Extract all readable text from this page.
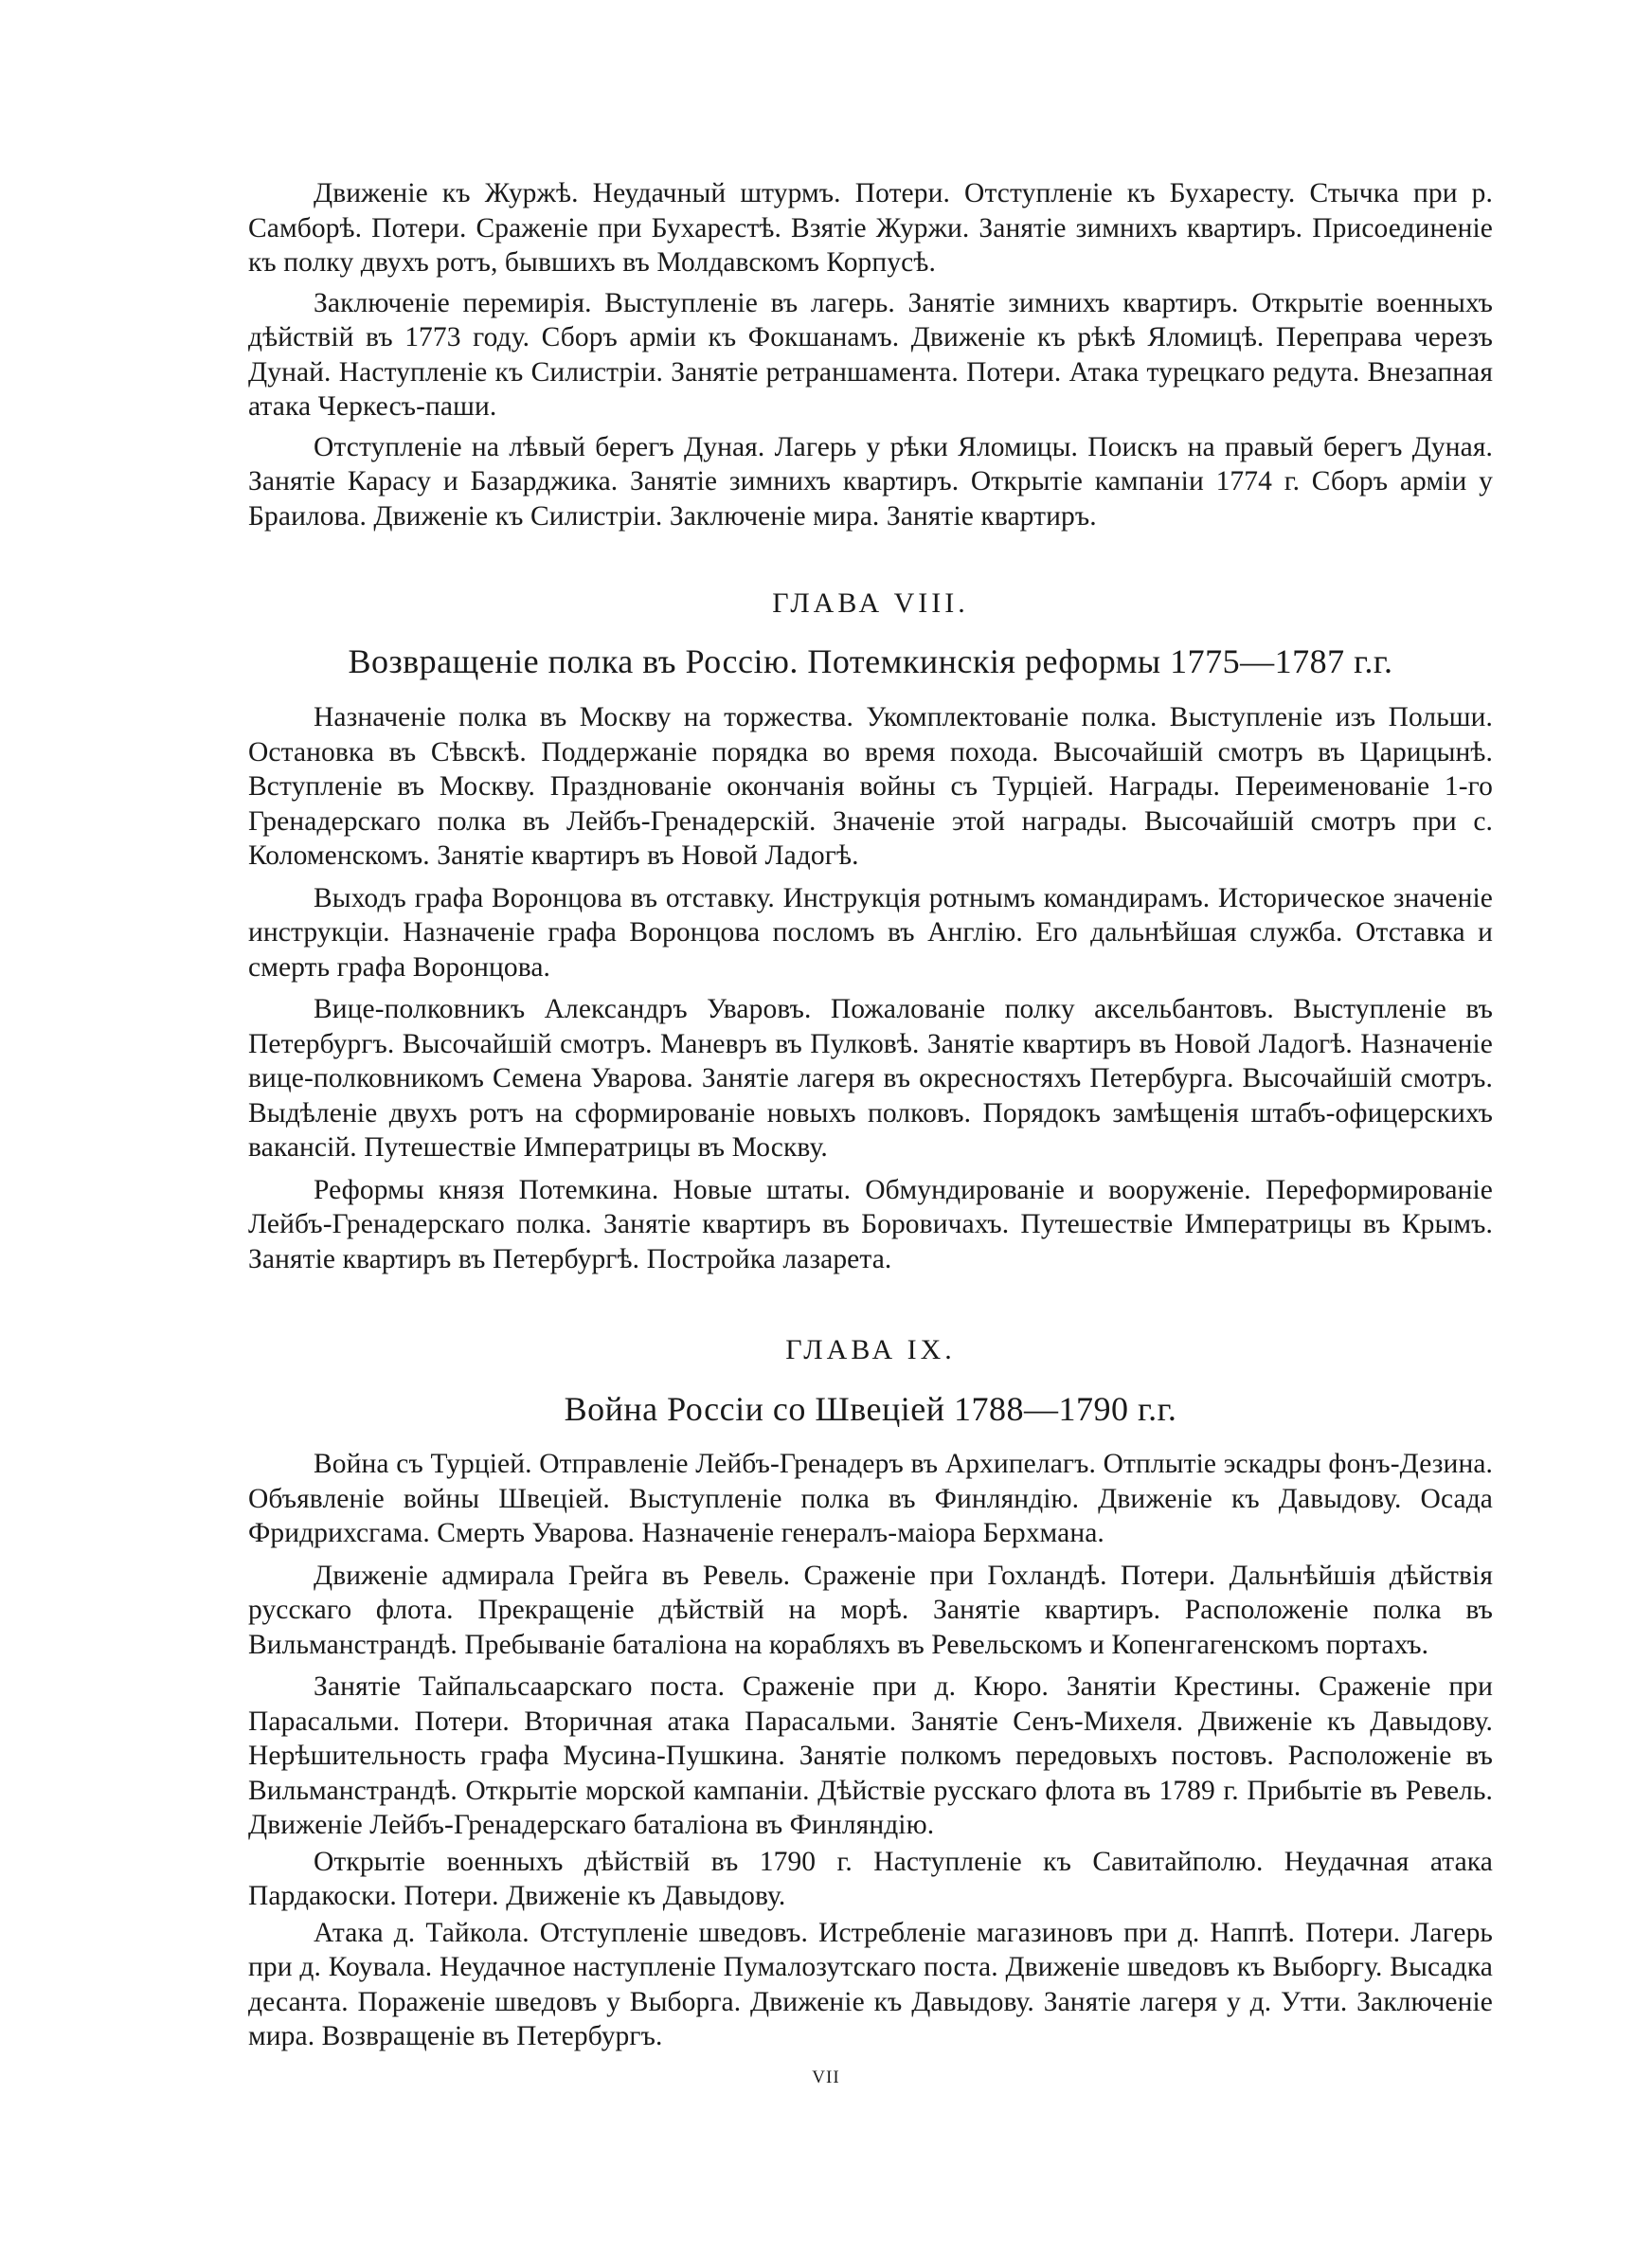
Движеніе къ Журжѣ. Неудачный штурмъ. Потери. Отступленіе къ Бухаресту. Стычка при р. Самборѣ. Потери. Сраженіе при Бухарестѣ. Взятіе Журжи. Занятіе зимнихъ квартиръ. Присоединеніе къ полку двухъ ротъ, бывшихъ въ Молдавскомъ Корпусѣ.

Заключеніе перемирія. Выступленіе въ лагерь. Занятіе зимнихъ квартиръ. Открытіе военныхъ дѣйствій въ 1773 году. Сборъ арміи къ Фокшанамъ. Движеніе къ рѣкѣ Яломицѣ. Переправа черезъ Дунай. Наступленіе къ Силистріи. Занятіе ретраншамента. Потери. Атака турецкаго редута. Внезапная атака Черкесъ-паши.

Отступленіе на лѣвый берегъ Дуная. Лагерь у рѣки Яломицы. Поискъ на правый берегъ Дуная. Занятіе Карасу и Базарджика. Занятіе зимнихъ квартиръ. Открытіе кампаніи 1774 г. Сборъ арміи у Браилова. Движеніе къ Силистріи. Заключеніе мира. Занятіе квартиръ.

ГЛАВА VIII.
Возвращеніе полка въ Россію. Потемкинскія реформы 1775—1787 г.г.

Назначеніе полка въ Москву на торжества. Укомплектованіе полка. Выступленіе изъ Польши. Остановка въ Сѣвскѣ. Поддержаніе порядка во время похода. Высочайшій смотръ въ Царицынѣ. Вступленіе въ Москву. Празднованіе окончанія войны съ Турціей. Награды. Переименованіе 1-го Гренадерскаго полка въ Лейбъ-Гренадерскій. Значеніе этой награды. Высочайшій смотръ при с. Коломенскомъ. Занятіе квартиръ въ Новой Ладогѣ.

Выходъ графа Воронцова въ отставку. Инструкція ротнымъ командирамъ. Историческое значеніе инструкціи. Назначеніе графа Воронцова посломъ въ Англію. Его дальнѣйшая служба. Отставка и смерть графа Воронцова.

Вице-полковникъ Александръ Уваровъ. Пожалованіе полку аксельбантовъ. Выступленіе въ Петербургъ. Высочайшій смотръ. Маневръ въ Пулковѣ. Занятіе квартиръ въ Новой Ладогѣ. Назначеніе вице-полковникомъ Семена Уварова. Занятіе лагеря въ окресностяхъ Петербурга. Высочайшій смотръ. Выдѣленіе двухъ ротъ на сформированіе новыхъ полковъ. Порядокъ замѣщенія штабъ-офицерскихъ вакансій. Путешествіе Императрицы въ Москву.

Реформы князя Потемкина. Новые штаты. Обмундированіе и вооруженіе. Переформированіе Лейбъ-Гренадерскаго полка. Занятіе квартиръ въ Боровичахъ. Путешествіе Императрицы въ Крымъ. Занятіе квартиръ въ Петербургѣ. Постройка лазарета.

ГЛАВА IX.
Война Россіи со Швеціей 1788—1790 г.г.

Война съ Турціей. Отправленіе Лейбъ-Гренадеръ въ Архипелагъ. Отплытіе эскадры фонъ-Дезина. Объявленіе войны Швеціей. Выступленіе полка въ Финляндію. Движеніе къ Давыдову. Осада Фридрихсгама. Смерть Уварова. Назначеніе генералъ-маіора Берхмана.

Движеніе адмирала Грейга въ Ревель. Сраженіе при Гохландѣ. Потери. Дальнѣйшія дѣйствія русскаго флота. Прекращеніе дѣйствій на морѣ. Занятіе квартиръ. Расположеніе полка въ Вильманстрандѣ. Пребываніе баталіона на корабляхъ въ Ревельскомъ и Копенгагенскомъ портахъ.

Занятіе Тайпальсаарскаго поста. Сраженіе при д. Кюро. Занятіи Крестины. Сраженіе при Парасальми. Потери. Вторичная атака Парасальми. Занятіе Сенъ-Михеля. Движеніе къ Давыдову. Нерѣшительность графа Мусина-Пушкина. Занятіе полкомъ передовыхъ постовъ. Расположеніе въ Вильманстрандѣ. Открытіе морской кампаніи. Дѣйствіе русскаго флота въ 1789 г. Прибытіе въ Ревель. Движеніе Лейбъ-Гренадерскаго баталіона въ Финляндію.

Открытіе военныхъ дѣйствій въ 1790 г. Наступленіе къ Савитайполю. Неудачная атака Пардакоски. Потери. Движеніе къ Давыдову.

Атака д. Тайкола. Отступленіе шведовъ. Истребленіе магазиновъ при д. Наппѣ. Потери. Лагерь при д. Коувала. Неудачное наступленіе Пумалозутскаго поста. Движеніе шведовъ къ Выборгу. Высадка десанта. Пораженіе шведовъ у Выборга. Движеніе къ Давыдову. Занятіе лагеря у д. Утти. Заключеніе мира. Возвращеніе въ Петербургъ.

VII
